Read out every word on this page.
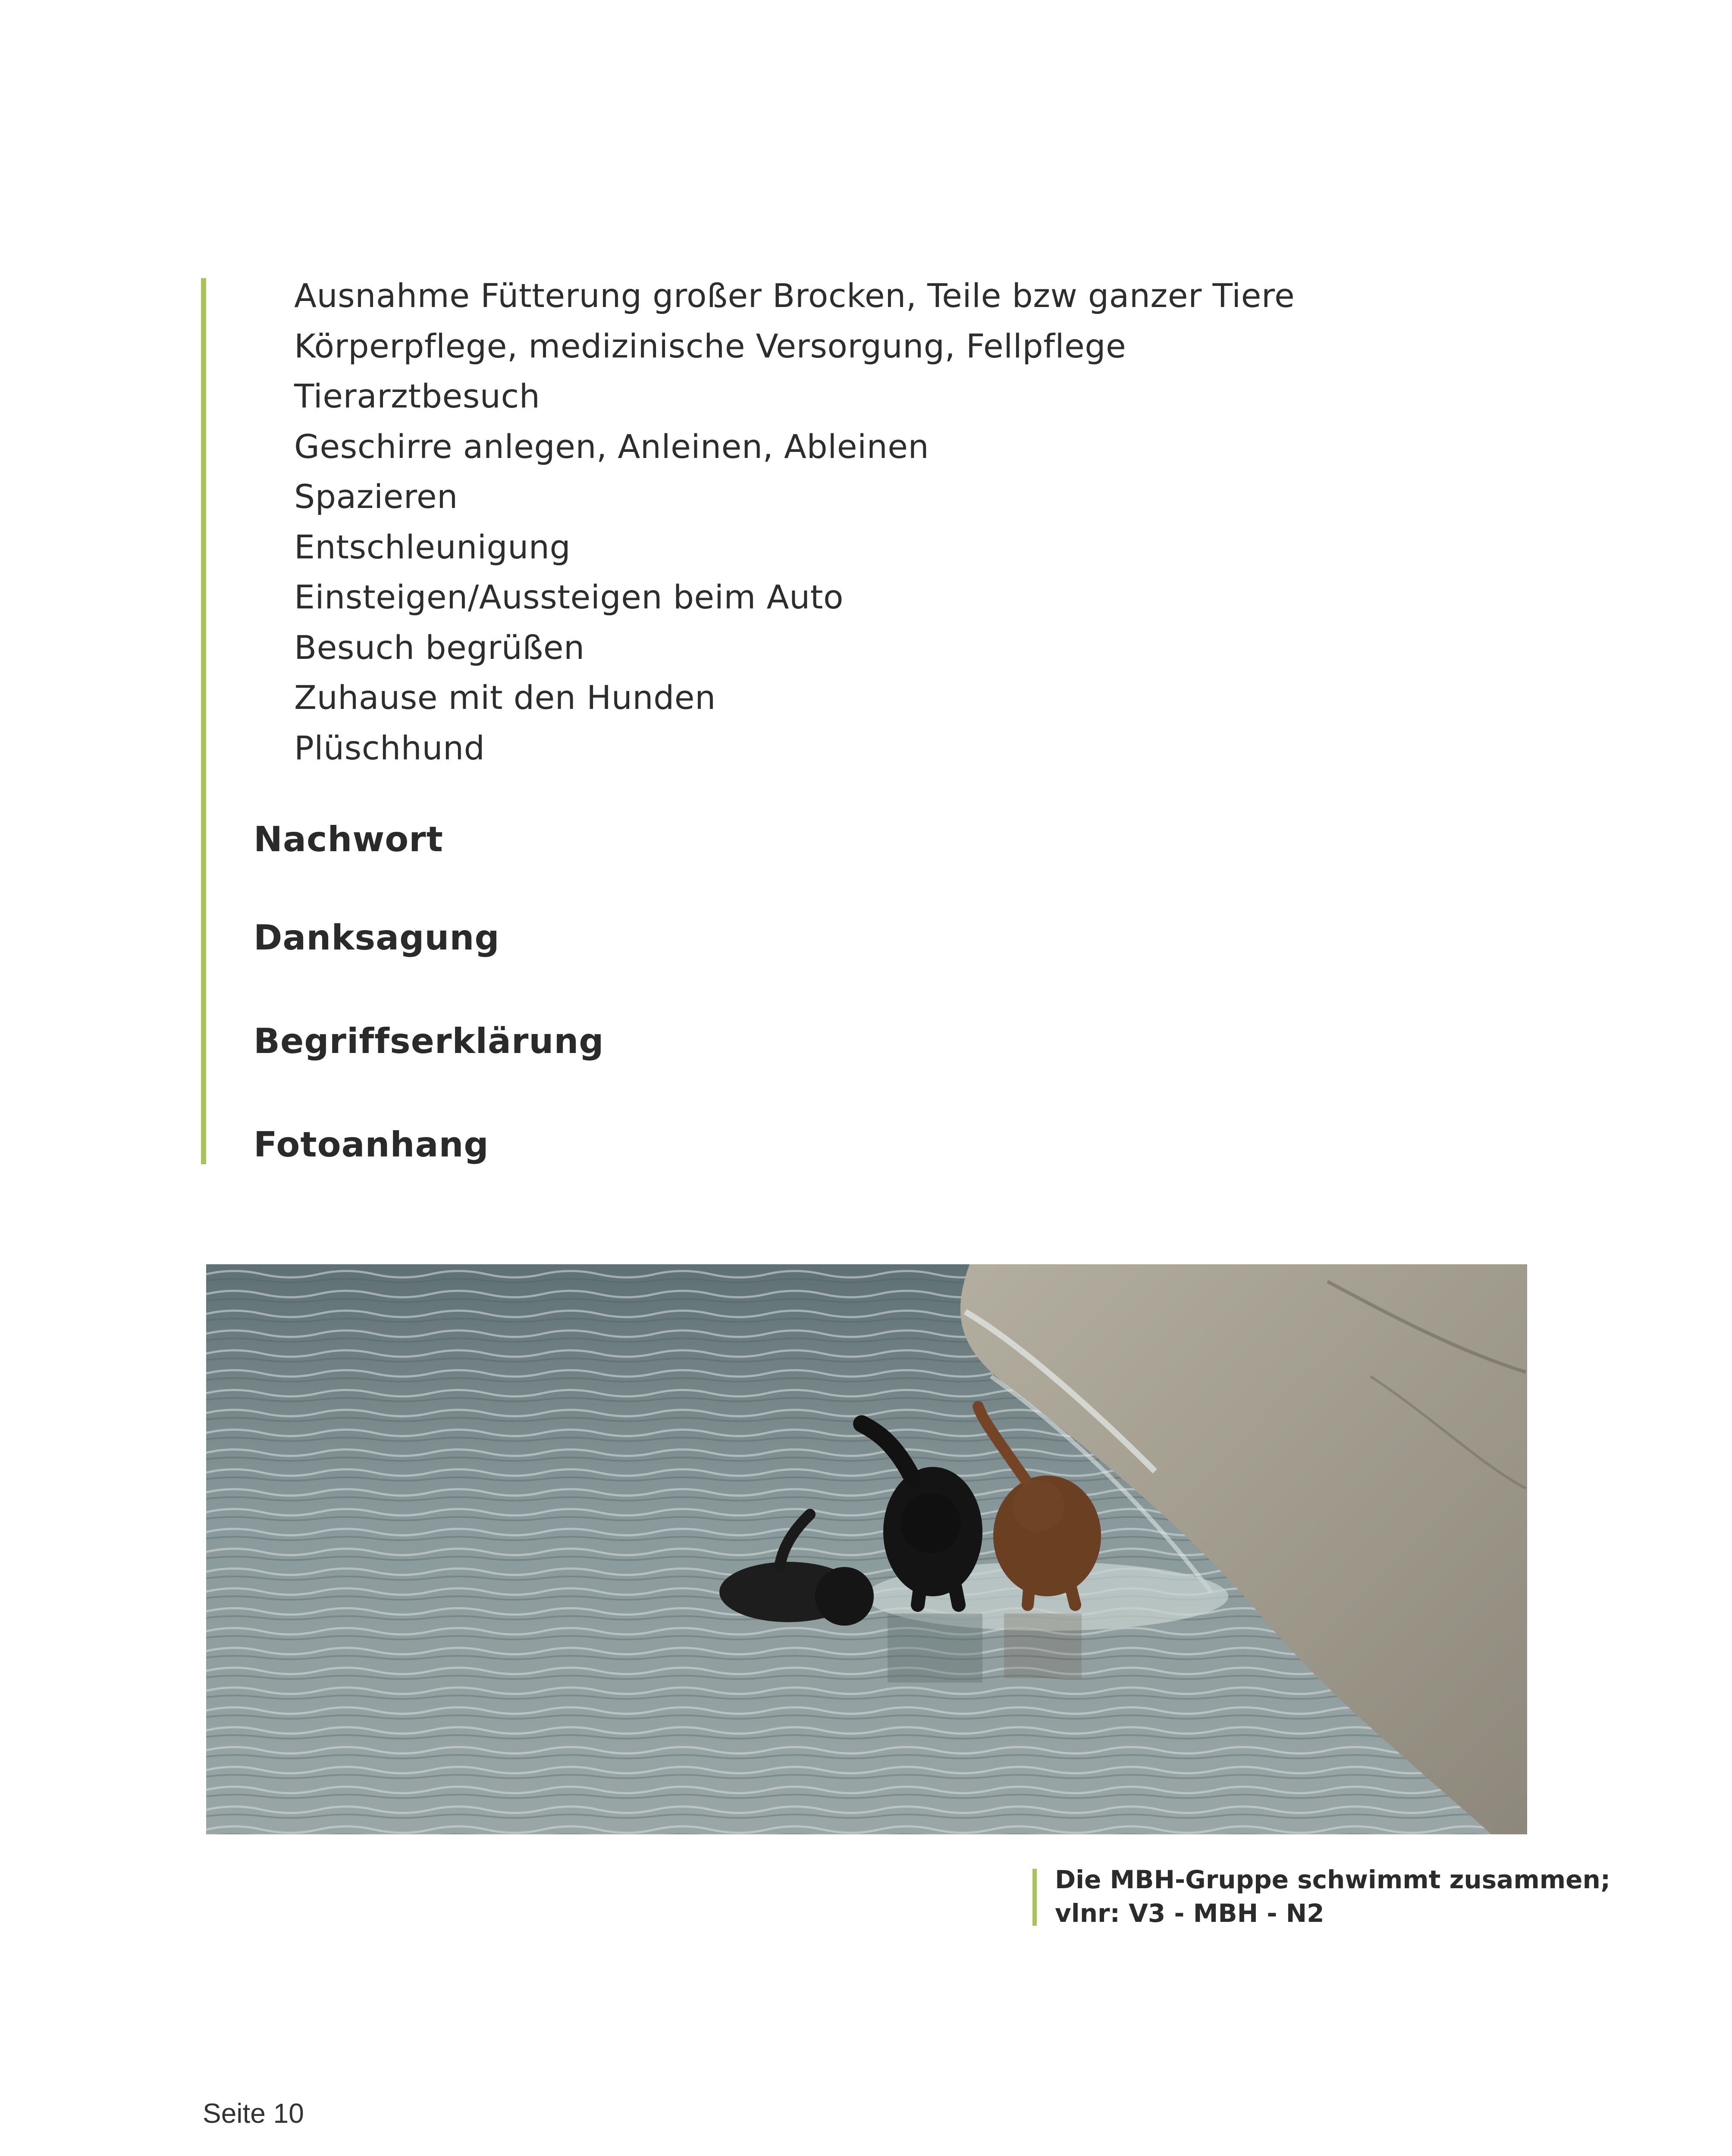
Ausnahme Fütterung großer Brocken, Teile bzw ganzer Tiere
Körperpflege, medizinische Versorgung, Fellpflege
Tierarztbesuch
Geschirre anlegen, Anleinen, Ableinen
Spazieren
Entschleunigung
Einsteigen/Aussteigen beim Auto
Besuch begrüßen
Zuhause mit den Hunden
Plüschhund
Nachwort
Danksagung
Begriffserklärung
Fotoanhang
Die MBH-Gruppe schwimmt zusammen;
vlnr: V3 - MBH - N2
Seite 10
